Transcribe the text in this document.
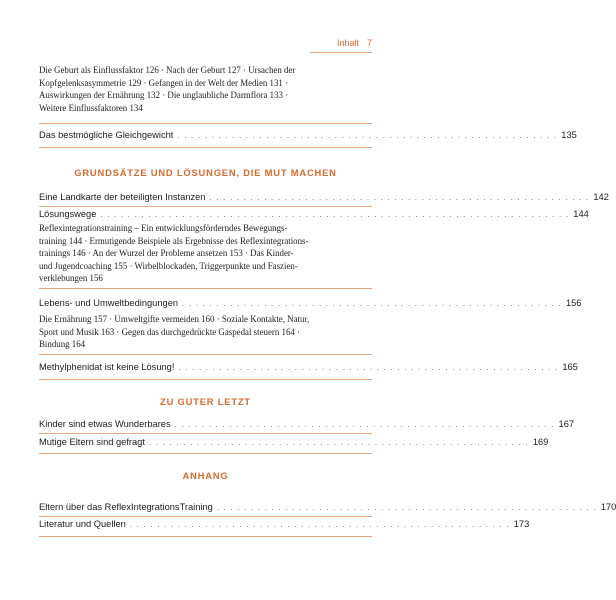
Inhalt 7
Die Geburt als Einflussfaktor 126 · Nach der Geburt 127 · Ursachen der
Kopfgelenksasymmetrie 129 · Gefangen in der Welt der Medien 131 ·
Auswirkungen der Ernährung 132 · Die unglaubliche Darmflora 133 ·
Weitere Einflussfaktoren 134
Das bestmögliche Gleichgewicht . . . . . . . . . . . . . . . . . . . . . . . . . . . . . . . . . . . . . . . . . . . . . . . . . . . . . . . . 135
GRUNDSÄTZE UND LÖSUNGEN, DIE MUT MACHEN
Eine Landkarte der beteiligten Instanzen . . . . . . . . . . . . . . . . . . . . . . . . . . . . . . . . . . . . . . . . . . . . . . . . . . . . . . . . 142
Lösungswege . . . . . . . . . . . . . . . . . . . . . . . . . . . . . . . . . . . . . . . . . . . . . . . . . . . . . . . . . . . . . . . . . . . . . 144
Reflexintegrationstraining – Ein entwicklungsförderndes Bewegungs-
training 144 · Ermutigende Beispiele als Ergebnisse des Reflexintegrations-
trainings 146 · An der Wurzel der Probleme ansetzen 153 · Das Kinder-
und Jugendcoaching 155 · Wirbelblockaden, Triggerpunkte und Faszien-
verklebungen 156
Lebens- und Umweltbedingungen . . . . . . . . . . . . . . . . . . . . . . . . . . . . . . . . . . . . . . . . . . . . . . . . . . . . . . . . 156
Die Ernährung 157 · Umweltgifte vermeiden 160 · Soziale Kontakte, Natur,
Sport und Musik 163 · Gegen das durchgedrückte Gaspedal steuern 164 ·
Bindung 164
Methylphenidat ist keine Lösung! . . . . . . . . . . . . . . . . . . . . . . . . . . . . . . . . . . . . . . . . . . . . . . . . . . . . . . . . 165
ZU GUTER LETZT
Kinder sind etwas Wunderbares . . . . . . . . . . . . . . . . . . . . . . . . . . . . . . . . . . . . . . . . . . . . . . . . . . . . . . . . 167
Mutige Eltern sind gefragt . . . . . . . . . . . . . . . . . . . . . . . . . . . . . . . . . . . . . . . . . . . . . . . . . . . . . . . . 169
ANHANG
Eltern über das ReflexIntegrationsTraining . . . . . . . . . . . . . . . . . . . . . . . . . . . . . . . . . . . . . . . . . . . . . . . . . . . . . . . . 170
Literatur und Quellen . . . . . . . . . . . . . . . . . . . . . . . . . . . . . . . . . . . . . . . . . . . . . . . . . . . . . . . . 173
